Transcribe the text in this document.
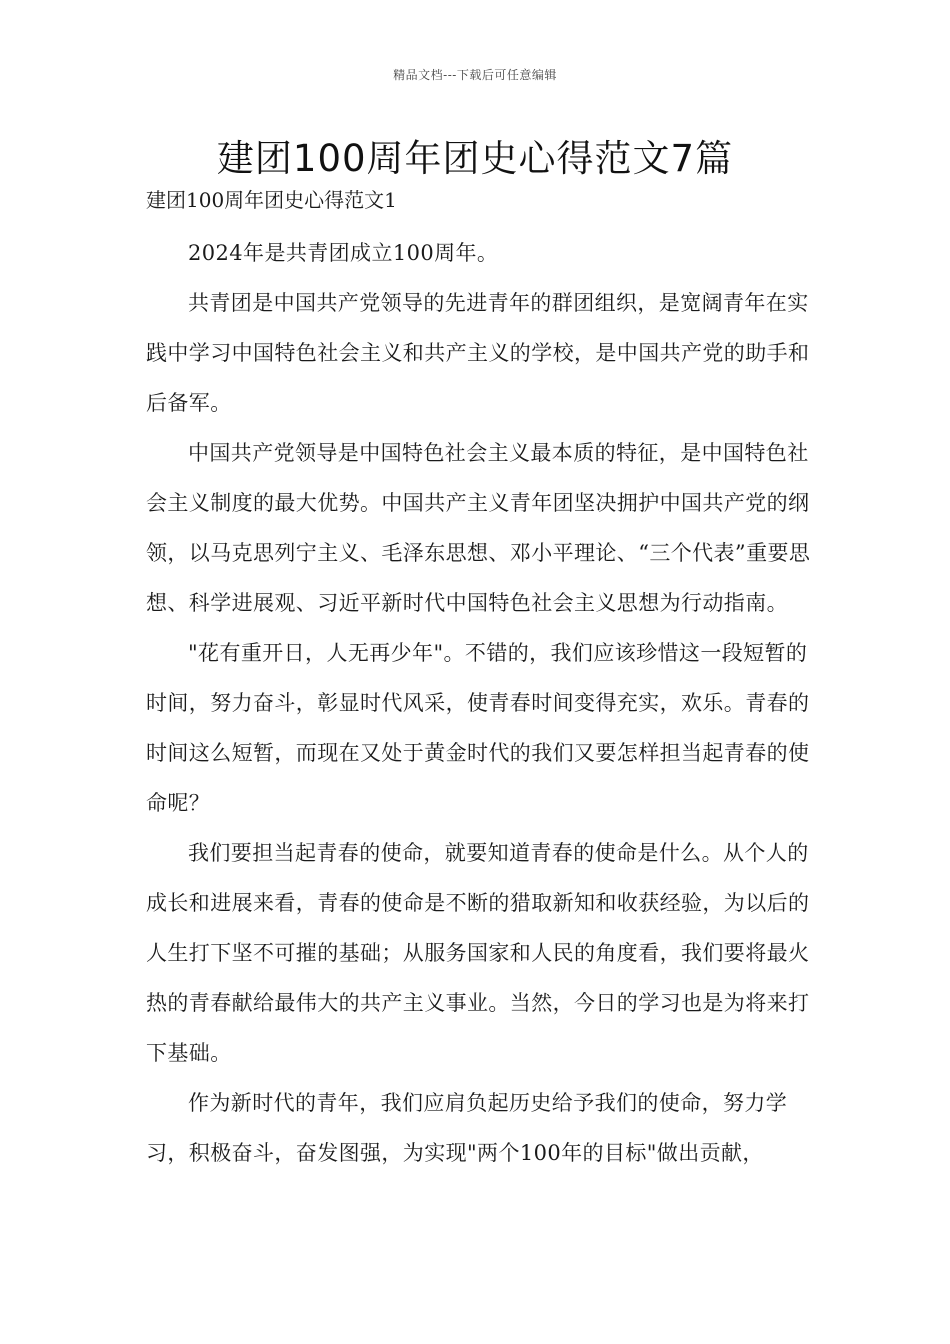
精品文档---下载后可任意编辑
建团100周年团史心得范文7篇

建团100周年团史心得范文1

2024年是共青团成立100周年。

共青团是中国共产党领导的先进青年的群团组织，是宽阔青年在实践中学习中国特色社会主义和共产主义的学校，是中国共产党的助手和后备军。

中国共产党领导是中国特色社会主义最本质的特征，是中国特色社会主义制度的最大优势。中国共产主义青年团坚决拥护中国共产党的纲领，以马克思列宁主义、毛泽东思想、邓小平理论、“三个代表”重要思想、科学进展观、习近平新时代中国特色社会主义思想为行动指南。

"花有重开日，人无再少年"。不错的，我们应该珍惜这一段短暂的时间，努力奋斗，彰显时代风采，使青春时间变得充实，欢乐。青春的时间这么短暂，而现在又处于黄金时代的我们又要怎样担当起青春的使命呢？

我们要担当起青春的使命，就要知道青春的使命是什么。从个人的成长和进展来看，青春的使命是不断的猎取新知和收获经验，为以后的人生打下坚不可摧的基础；从服务国家和人民的角度看，我们要将最火热的青春献给最伟大的共产主义事业。当然，今日的学习也是为将来打下基础。

作为新时代的青年，我们应肩负起历史给予我们的使命，努力学习，积极奋斗，奋发图强，为实现"两个100年的目标"做出贡献，
